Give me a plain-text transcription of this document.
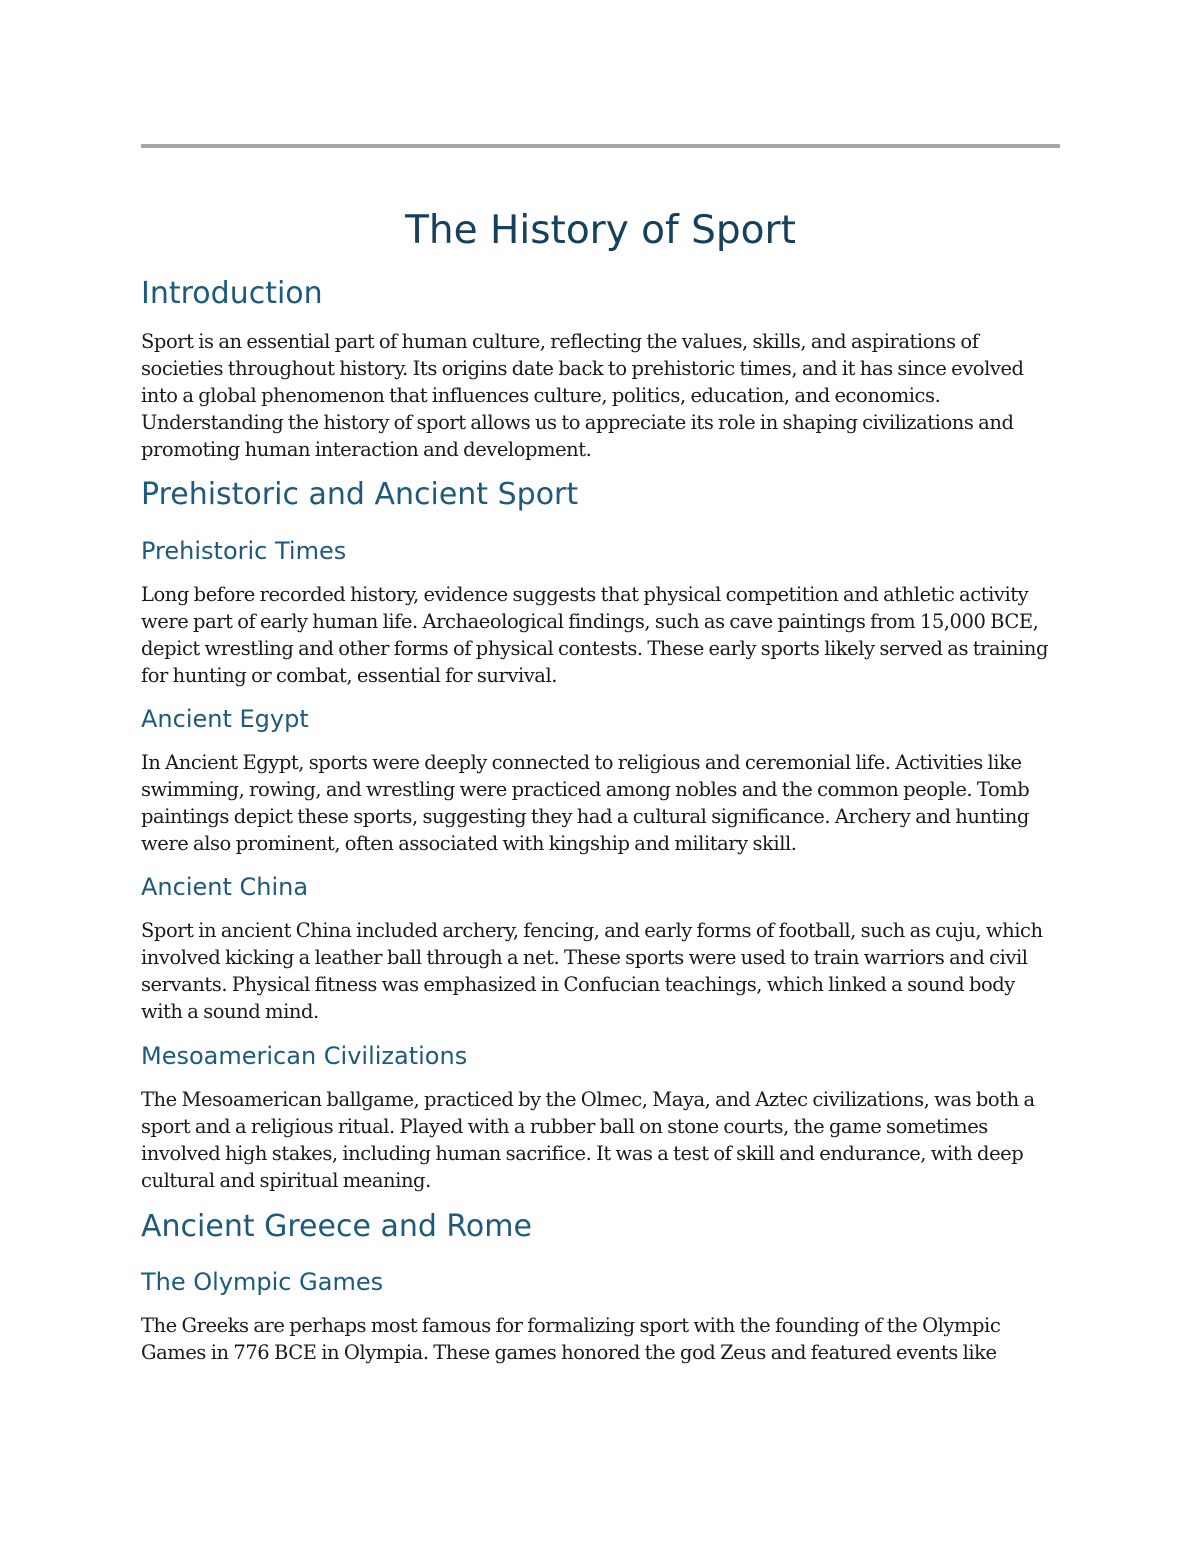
The History of Sport
Introduction

Sport is an essential part of human culture, reflecting the values, skills, and aspirations of societies throughout history. Its origins date back to prehistoric times, and it has since evolved into a global phenomenon that influences culture, politics, education, and economics. Understanding the history of sport allows us to appreciate its role in shaping civilizations and promoting human interaction and development.

Prehistoric and Ancient Sport
Prehistoric Times

Long before recorded history, evidence suggests that physical competition and athletic activity were part of early human life. Archaeological findings, such as cave paintings from 15,000 BCE, depict wrestling and other forms of physical contests. These early sports likely served as training for hunting or combat, essential for survival.

Ancient Egypt

In Ancient Egypt, sports were deeply connected to religious and ceremonial life. Activities like swimming, rowing, and wrestling were practiced among nobles and the common people. Tomb paintings depict these sports, suggesting they had a cultural significance. Archery and hunting were also prominent, often associated with kingship and military skill.

Ancient China

Sport in ancient China included archery, fencing, and early forms of football, such as cuju, which involved kicking a leather ball through a net. These sports were used to train warriors and civil servants. Physical fitness was emphasized in Confucian teachings, which linked a sound body with a sound mind.

Mesoamerican Civilizations

The Mesoamerican ballgame, practiced by the Olmec, Maya, and Aztec civilizations, was both a sport and a religious ritual. Played with a rubber ball on stone courts, the game sometimes involved high stakes, including human sacrifice. It was a test of skill and endurance, with deep cultural and spiritual meaning.

Ancient Greece and Rome
The Olympic Games

The Greeks are perhaps most famous for formalizing sport with the founding of the Olympic Games in 776 BCE in Olympia. These games honored the god Zeus and featured events like
